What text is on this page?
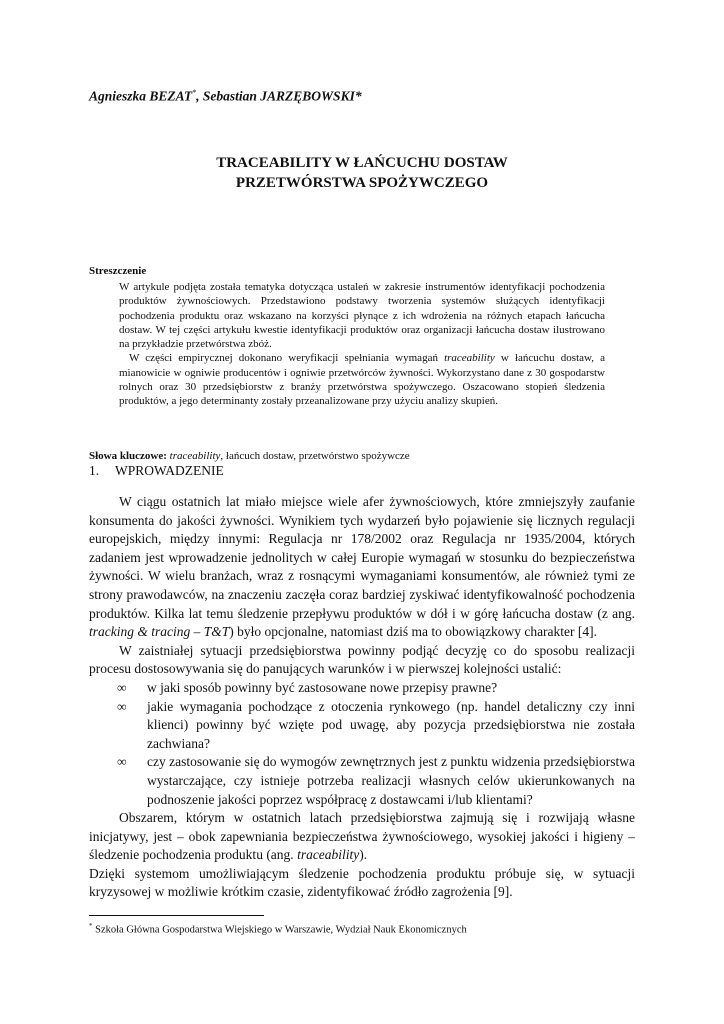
Agnieszka BEZAT*, Sebastian JARZĘBOWSKI*
TRACEABILITY W ŁAŃCUCHU DOSTAW
PRZETWÓRSTWA SPOŻYWCZEGO
Streszczenie

W artykule podjęta została tematyka dotycząca ustaleń w zakresie instrumentów identyfikacji pochodzenia produktów żywnościowych. Przedstawiono podstawy tworzenia systemów służących identyfikacji pochodzenia produktu oraz wskazano na korzyści płynące z ich wdrożenia na różnych etapach łańcucha dostaw. W tej części artykułu kwestie identyfikacji produktów oraz organizacji łańcucha dostaw ilustrowano na przykładzie przetwórstwa zbóż.

W części empirycznej dokonano weryfikacji spełniania wymagań traceability w łańcuchu dostaw, a mianowicie w ogniwie producentów i ogniwie przetwórców żywności. Wykorzystano dane z 30 gospodarstw rolnych oraz 30 przedsiębiorstw z branży przetwórstwa spożywczego. Oszacowano stopień śledzenia produktów, a jego determinanty zostały przeanalizowane przy użyciu analizy skupień.

Słowa kluczowe: traceability, łańcuch dostaw, przetwórstwo spożywcze
1. WPROWADZENIE

W ciągu ostatnich lat miało miejsce wiele afer żywnościowych, które zmniejszyły zaufanie konsumenta do jakości żywności. Wynikiem tych wydarzeń było pojawienie się licznych regulacji europejskich, między innymi: Regulacja nr 178/2002 oraz Regulacja nr 1935/2004, których zadaniem jest wprowadzenie jednolitych w całej Europie wymagań w stosunku do bezpieczeństwa żywności. W wielu branżach, wraz z rosnącymi wymaganiami konsumentów, ale również tymi ze strony prawodawców, na znaczeniu zaczęła coraz bardziej zyskiwać identyfikowalność pochodzenia produktów. Kilka lat temu śledzenie przepływu produktów w dół i w górę łańcucha dostaw (z ang. tracking & tracing – T&T) było opcjonalne, natomiast dziś ma to obowiązkowy charakter [4].

W zaistniałej sytuacji przedsiębiorstwa powinny podjąć decyzję co do sposobu realizacji procesu dostosowywania się do panujących warunków i w pierwszej kolejności ustalić:

∞ w jaki sposób powinny być zastosowane nowe przepisy prawne?
∞ jakie wymagania pochodzące z otoczenia rynkowego (np. handel detaliczny czy inni klienci) powinny być wzięte pod uwagę, aby pozycja przedsiębiorstwa nie została zachwiana?
∞ czy zastosowanie się do wymogów zewnętrznych jest z punktu widzenia przedsiębiorstwa wystarczające, czy istnieje potrzeba realizacji własnych celów ukierunkowanych na podnoszenie jakości poprzez współpracę z dostawcami i/lub klientami?

Obszarem, którym w ostatnich latach przedsiębiorstwa zajmują się i rozwijają własne inicjatywy, jest – obok zapewniania bezpieczeństwa żywnościowego, wysokiej jakości i higieny – śledzenie pochodzenia produktu (ang. traceability).

Dzięki systemom umożliwiającym śledzenie pochodzenia produktu próbuje się, w sytuacji kryzysowej w możliwie krótkim czasie, zidentyfikować źródło zagrożenia [9].

* Szkoła Główna Gospodarstwa Wiejskiego w Warszawie, Wydział Nauk Ekonomicznych
